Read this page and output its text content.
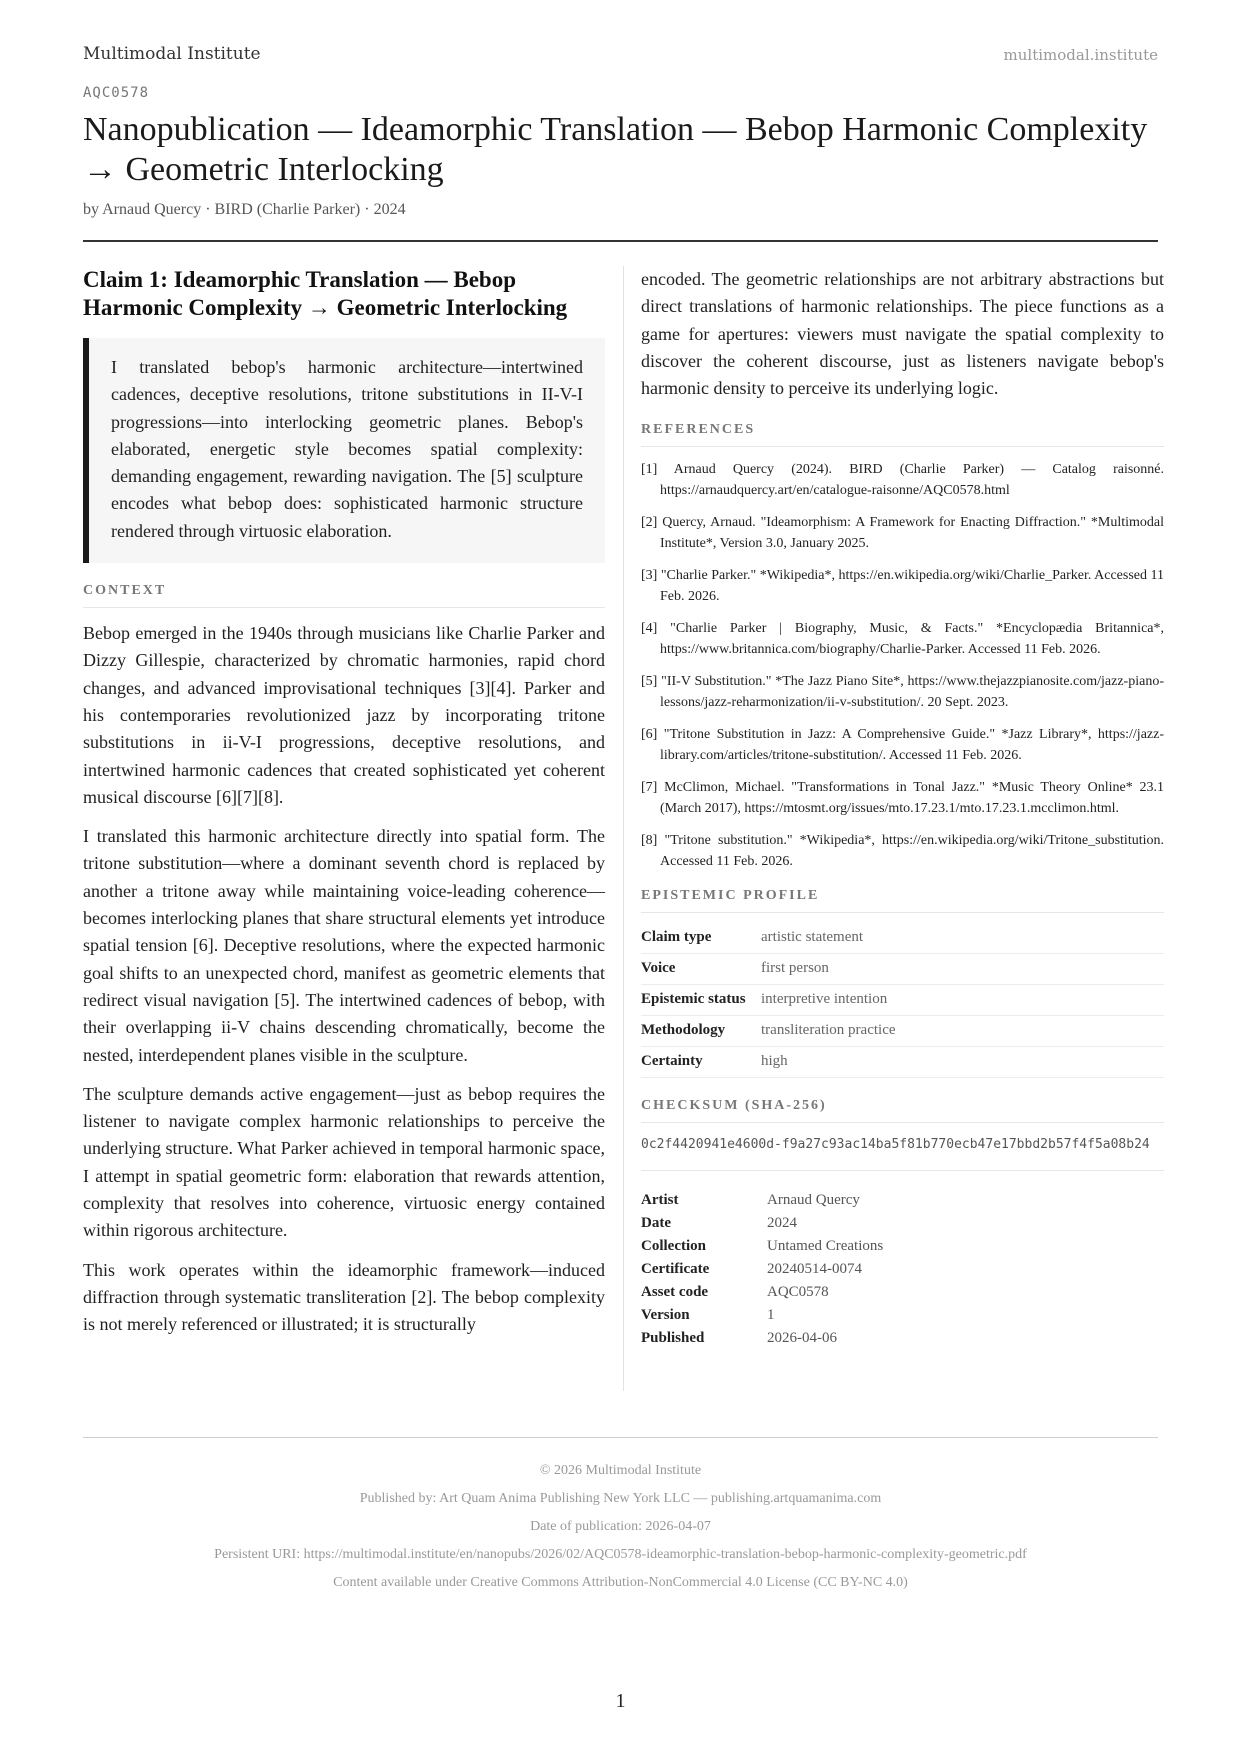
Multimodal Institute	multimodal.institute
AQC0578
Nanopublication — Ideamorphic Translation — Bebop Harmonic Complexity → Geometric Interlocking
by Arnaud Quercy · BIRD (Charlie Parker) · 2024
Claim 1: Ideamorphic Translation — Bebop Harmonic Complexity → Geometric Interlocking
I translated bebop's harmonic architecture—intertwined cadences, deceptive resolutions, tritone substitutions in II-V-I progressions—into interlocking geometric planes. Bebop's elaborated, energetic style becomes spatial complexity: demanding engagement, rewarding navigation. The [5] sculpture encodes what bebop does: sophisticated harmonic structure rendered through virtuosic elaboration.
CONTEXT

Bebop emerged in the 1940s through musicians like Charlie Parker and Dizzy Gillespie, characterized by chromatic harmonies, rapid chord changes, and advanced improvisational techniques [3][4]. Parker and his contemporaries revolutionized jazz by incorporating tritone substitutions in ii-V-I progressions, deceptive resolutions, and intertwined harmonic cadences that created sophisticated yet coherent musical discourse [6][7][8].

I translated this harmonic architecture directly into spatial form. The tritone substitution—where a dominant seventh chord is replaced by another a tritone away while maintaining voice-leading coherence—becomes interlocking planes that share structural elements yet introduce spatial tension [6]. Deceptive resolutions, where the expected harmonic goal shifts to an unexpected chord, manifest as geometric elements that redirect visual navigation [5]. The intertwined cadences of bebop, with their overlapping ii-V chains descending chromatically, become the nested, interdependent planes visible in the sculpture.

The sculpture demands active engagement—just as bebop requires the listener to navigate complex harmonic relationships to perceive the underlying structure. What Parker achieved in temporal harmonic space, I attempt in spatial geometric form: elaboration that rewards attention, complexity that resolves into coherence, virtuosic energy contained within rigorous architecture.

This work operates within the ideamorphic framework—induced diffraction through systematic transliteration [2]. The bebop complexity is not merely referenced or illustrated; it is structurally

encoded. The geometric relationships are not arbitrary abstractions but direct translations of harmonic relationships. The piece functions as a game for apertures: viewers must navigate the spatial complexity to discover the coherent discourse, just as listeners navigate bebop's harmonic density to perceive its underlying logic.

REFERENCES
[1] Arnaud Quercy (2024). BIRD (Charlie Parker) — Catalog raisonné. https://arnaudquercy.art/en/catalogue-raisonne/AQC0578.html
[2] Quercy, Arnaud. "Ideamorphism: A Framework for Enacting Diffraction." *Multimodal Institute*, Version 3.0, January 2025.
[3] "Charlie Parker." *Wikipedia*, https://en.wikipedia.org/wiki/Charlie_Parker. Accessed 11 Feb. 2026.
[4] "Charlie Parker | Biography, Music, & Facts." *Encyclopædia Britannica*, https://www.britannica.com/biography/Charlie-Parker. Accessed 11 Feb. 2026.
[5] "II-V Substitution." *The Jazz Piano Site*, https://www.thejazzpianosite.com/jazz-piano-lessons/jazz-reharmonization/ii-v-substitution/. 20 Sept. 2023.
[6] "Tritone Substitution in Jazz: A Comprehensive Guide." *Jazz Library*, https://jazz-library.com/articles/tritone-substitution/. Accessed 11 Feb. 2026.
[7] McClimon, Michael. "Transformations in Tonal Jazz." *Music Theory Online* 23.1 (March 2017), https://mtosmt.org/issues/mto.17.23.1/mto.17.23.1.mcclimon.html.
[8] "Tritone substitution." *Wikipedia*, https://en.wikipedia.org/wiki/Tritone_substitution. Accessed 11 Feb. 2026.
EPISTEMIC PROFILE
Claim type	artistic statement
Voice	first person
Epistemic status	interpretive intention
Methodology	transliteration practice
Certainty	high
CHECKSUM (SHA-256)
0c2f4420941e4600d-f9a27c93ac14ba5f81b770ecb47e17bbd2b57f4f5a08b24
Artist	Arnaud Quercy
Date	2024
Collection	Untamed Creations
Certificate	20240514-0074
Asset code	AQC0578
Version	1
Published	2026-04-06
© 2026 Multimodal Institute
Published by: Art Quam Anima Publishing New York LLC — publishing.artquamanima.com
Date of publication: 2026-04-07
Persistent URI: https://multimodal.institute/en/nanopubs/2026/02/AQC0578-ideamorphic-translation-bebop-harmonic-complexity-geometric.pdf
Content available under Creative Commons Attribution-NonCommercial 4.0 License (CC BY-NC 4.0)
1
